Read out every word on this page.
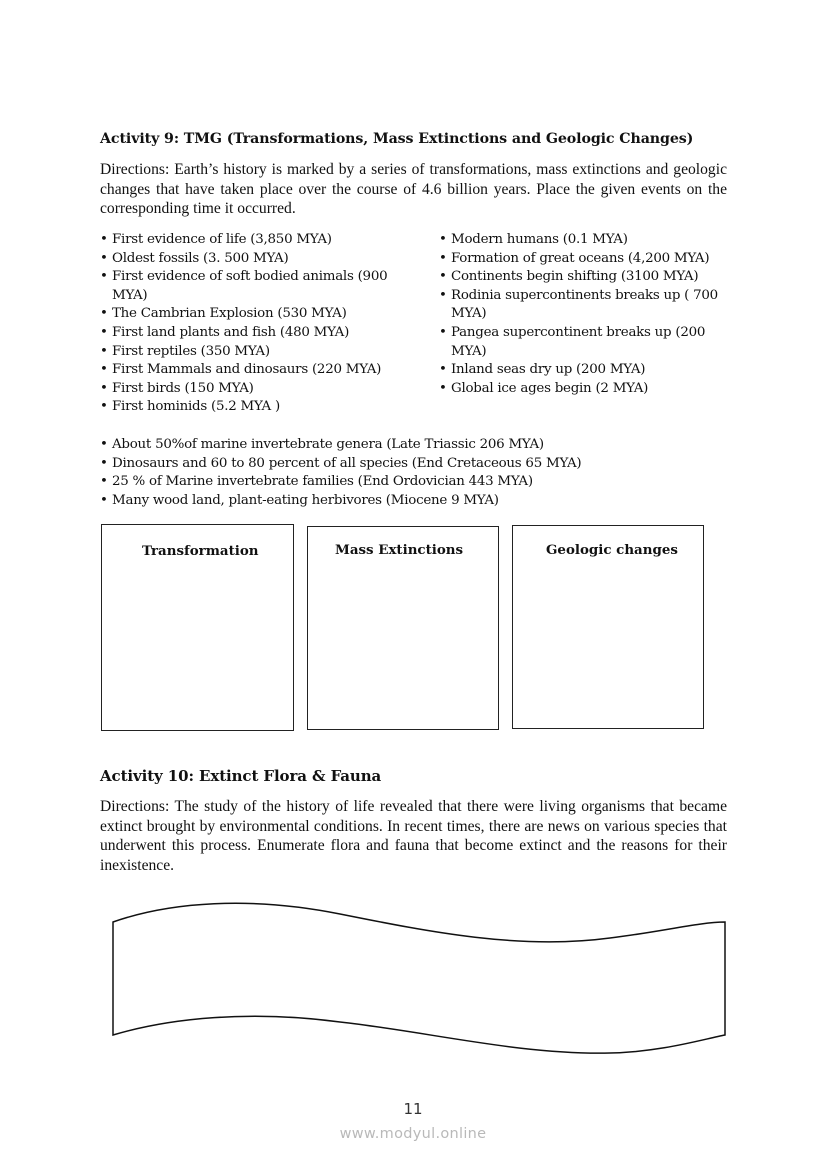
Activity 9: TMG (Transformations, Mass Extinctions and Geologic Changes)
Directions: Earth’s history is marked by a series of transformations, mass extinctions and geologic changes that have taken place over the course of 4.6 billion years. Place the given events on the corresponding time it occurred.
• First evidence of life (3,850 MYA)
• Oldest fossils (3. 500 MYA)
• First evidence of soft bodied animals (900 MYA)
• The Cambrian Explosion (530 MYA)
• First land plants and fish (480 MYA)
• First reptiles (350 MYA)
• First Mammals and dinosaurs (220 MYA)
• First birds (150 MYA)
• First hominids (5.2 MYA )
• Modern humans (0.1 MYA)
• Formation of great oceans (4,200 MYA)
• Continents begin shifting (3100 MYA)
• Rodinia supercontinents breaks up ( 700 MYA)
• Pangea supercontinent breaks up (200 MYA)
• Inland seas dry up (200 MYA)
• Global ice ages begin (2 MYA)
• About 50%of marine invertebrate genera (Late Triassic 206 MYA)
• Dinosaurs and 60 to 80 percent of all species (End Cretaceous 65 MYA)
• 25 % of Marine invertebrate families (End Ordovician 443 MYA)
• Many wood land, plant-eating herbivores (Miocene 9 MYA)
Transformation	Mass Extinctions	Geologic changes
Activity 10: Extinct Flora & Fauna
Directions: The study of the history of life revealed that there were living organisms that became extinct brought by environmental conditions. In recent times, there are news on various species that underwent this process. Enumerate flora and fauna that become extinct and the reasons for their inexistence.
11
www.modyul.online
